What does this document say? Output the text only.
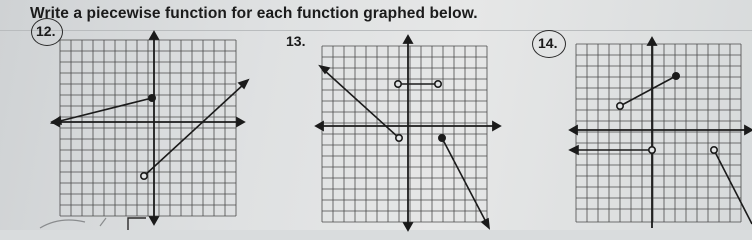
Write a piecewise function for each function graphed below.
12.
13.	14.
